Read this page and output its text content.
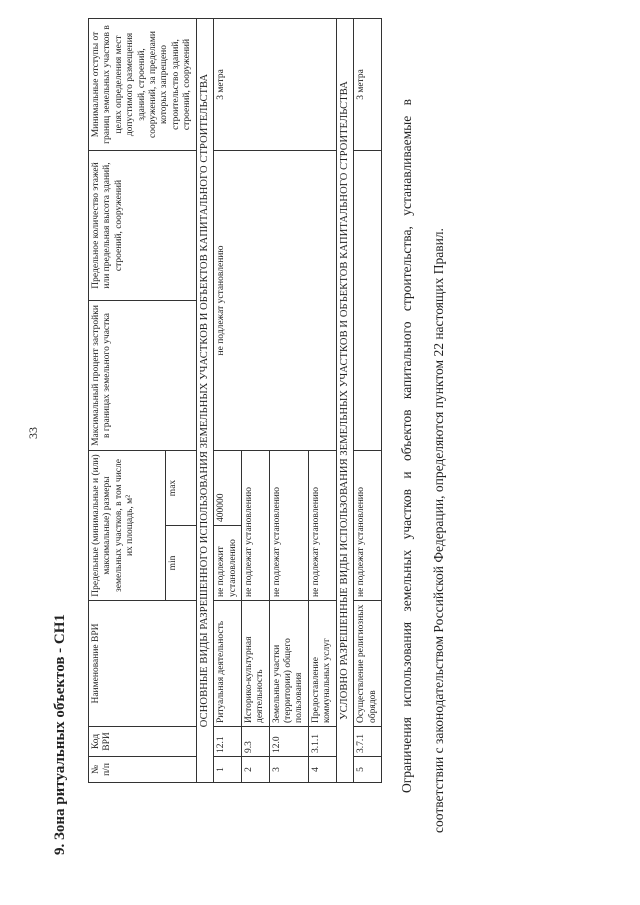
33
9. Зона ритуальных объектов - СН1 № п/п	Код ВРИ	Наименование ВРИ	Предельные (минимальные и (или) максимальные) размеры земельных участков, в том числе их площадь, м²		Максимальный процент застройки в границах земельного участка	Предельное количество этажей или предельная высота зданий, строений, сооружений	Минимальные отступы от границ земельных участков в целях определения мест допустимого размещения зданий, строений, сооружений, за пределами которых запрещено строительство зданий, строений, сооружений
			min	max			
ОСНОВНЫЕ ВИДЫ РАЗРЕШЕННОГО ИСПОЛЬЗОВАНИЯ ЗЕМЕЛЬНЫХ УЧАСТКОВ И ОБЪЕКТОВ КАПИТАЛЬНОГО СТРОИТЕЛЬСТВА							
1	12.1	Ритуальная деятельность	не подлежит установлению	400000	не подлежат установлению		3 метра
2	9.3	Историко-культурная деятельность	не подлежат установлению				
3	12.0	Земельные участки (территории) общего пользования	не подлежат установлению				
4	3.1.1	Предоставление коммунальных услуг	не подлежат установлению				
УСЛОВНО РАЗРЕШЕННЫЕ ВИДЫ ИСПОЛЬЗОВАНИЯ ЗЕМЕЛЬНЫХ УЧАСТКОВ И ОБЪЕКТОВ КАПИТАЛЬНОГО СТРОИТЕЛЬСТВА							
5	3.7.1	Осуществление религиозных обрядов	не подлежат установлению				3 метра
Ограничения использования земельных участков и объектов капитального строительства, устанавливаемые в соответствии с законодательством Российской Федерации, определяются пунктом 22 настоящих Правил.
